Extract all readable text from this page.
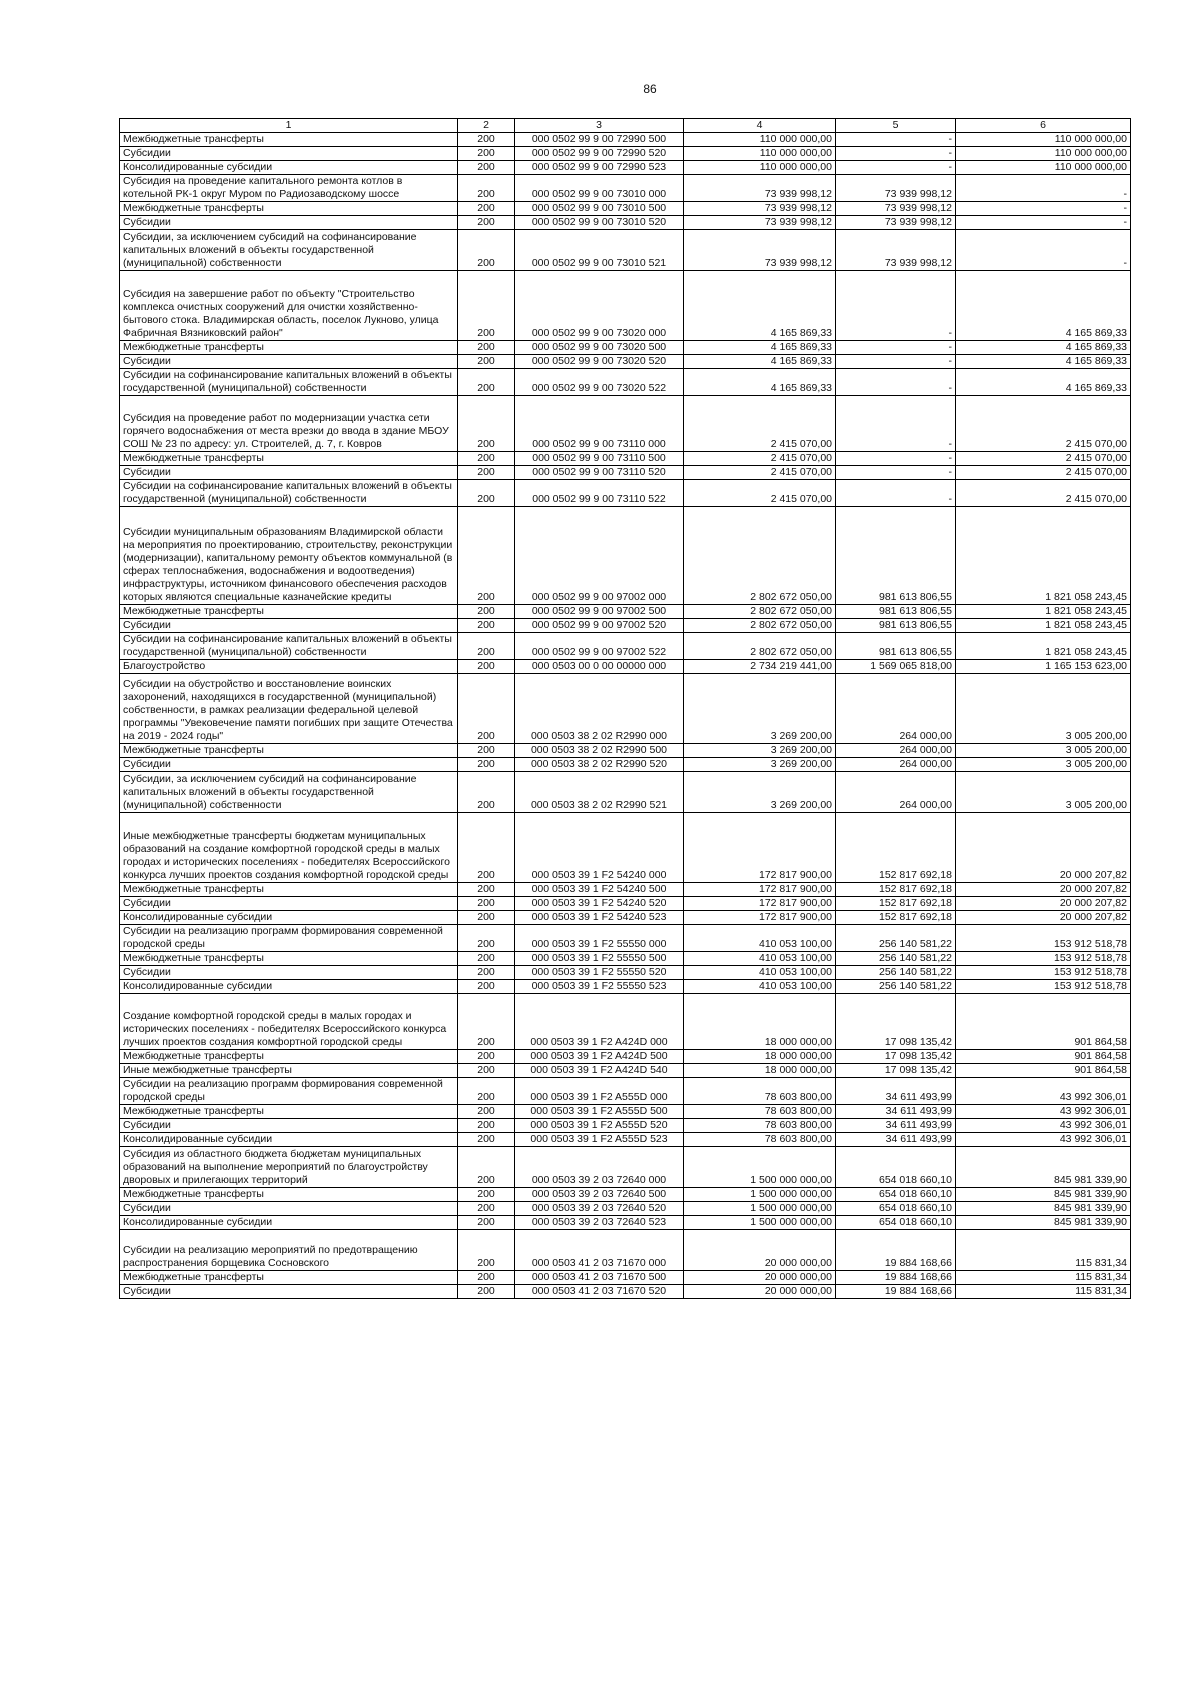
86
1	2	3	4	5	6
Межбюджетные трансферты	200	000 0502 99 9 00 72990 500	110 000 000,00	-	110 000 000,00
Субсидии	200	000 0502 99 9 00 72990 520	110 000 000,00	-	110 000 000,00
Консолидированные субсидии	200	000 0502 99 9 00 72990 523	110 000 000,00	-	110 000 000,00
Субсидия на проведение капитального ремонта котлов в котельной РК-1 округ Муром по Радиозаводскому шоссе	200	000 0502 99 9 00 73010 000	73 939 998,12	73 939 998,12	-
Межбюджетные трансферты	200	000 0502 99 9 00 73010 500	73 939 998,12	73 939 998,12	-
Субсидии	200	000 0502 99 9 00 73010 520	73 939 998,12	73 939 998,12	-
Субсидии, за исключением субсидий на софинансирование капитальных вложений в объекты государственной (муниципальной) собственности	200	000 0502 99 9 00 73010 521	73 939 998,12	73 939 998,12	-
Субсидия на завершение работ по объекту "Строительство комплекса очистных сооружений для очистки хозяйственно-бытового стока. Владимирская область, поселок Лукново, улица Фабричная Вязниковский район"	200	000 0502 99 9 00 73020 000	4 165 869,33	-	4 165 869,33
Межбюджетные трансферты	200	000 0502 99 9 00 73020 500	4 165 869,33	-	4 165 869,33
Субсидии	200	000 0502 99 9 00 73020 520	4 165 869,33	-	4 165 869,33
Субсидии на софинансирование капитальных вложений в объекты государственной (муниципальной) собственности	200	000 0502 99 9 00 73020 522	4 165 869,33	-	4 165 869,33
Субсидия на проведение работ по модернизации участка сети горячего водоснабжения от места врезки до ввода в здание МБОУ СОШ № 23 по адресу: ул. Строителей, д. 7, г. Ковров	200	000 0502 99 9 00 73110 000	2 415 070,00	-	2 415 070,00
Межбюджетные трансферты	200	000 0502 99 9 00 73110 500	2 415 070,00	-	2 415 070,00
Субсидии	200	000 0502 99 9 00 73110 520	2 415 070,00	-	2 415 070,00
Субсидии на софинансирование капитальных вложений в объекты государственной (муниципальной) собственности	200	000 0502 99 9 00 73110 522	2 415 070,00	-	2 415 070,00
Субсидии муниципальным образованиям Владимирской области на мероприятия по проектированию, строительству, реконструкции (модернизации), капитальному ремонту объектов коммунальной (в сферах теплоснабжения, водоснабжения и водоотведения) инфраструктуры, источником финансового обеспечения расходов которых являются специальные казначейские кредиты	200	000 0502 99 9 00 97002 000	2 802 672 050,00	981 613 806,55	1 821 058 243,45
Межбюджетные трансферты	200	000 0502 99 9 00 97002 500	2 802 672 050,00	981 613 806,55	1 821 058 243,45
Субсидии	200	000 0502 99 9 00 97002 520	2 802 672 050,00	981 613 806,55	1 821 058 243,45
Субсидии на софинансирование капитальных вложений в объекты государственной (муниципальной) собственности	200	000 0502 99 9 00 97002 522	2 802 672 050,00	981 613 806,55	1 821 058 243,45
Благоустройство	200	000 0503 00 0 00 00000 000	2 734 219 441,00	1 569 065 818,00	1 165 153 623,00
Субсидии на обустройство и восстановление воинских захоронений, находящихся в государственной (муниципальной) собственности, в рамках реализации федеральной целевой программы "Увековечение памяти погибших при защите Отечества на 2019 - 2024 годы"	200	000 0503 38 2 02 R2990 000	3 269 200,00	264 000,00	3 005 200,00
Межбюджетные трансферты	200	000 0503 38 2 02 R2990 500	3 269 200,00	264 000,00	3 005 200,00
Субсидии	200	000 0503 38 2 02 R2990 520	3 269 200,00	264 000,00	3 005 200,00
Субсидии, за исключением субсидий на софинансирование капитальных вложений в объекты государственной (муниципальной) собственности	200	000 0503 38 2 02 R2990 521	3 269 200,00	264 000,00	3 005 200,00
Иные межбюджетные трансферты бюджетам муниципальных образований на создание комфортной городской среды в малых городах и исторических поселениях - победителях Всероссийского конкурса лучших проектов создания комфортной городской среды	200	000 0503 39 1 F2 54240 000	172 817 900,00	152 817 692,18	20 000 207,82
Межбюджетные трансферты	200	000 0503 39 1 F2 54240 500	172 817 900,00	152 817 692,18	20 000 207,82
Субсидии	200	000 0503 39 1 F2 54240 520	172 817 900,00	152 817 692,18	20 000 207,82
Консолидированные субсидии	200	000 0503 39 1 F2 54240 523	172 817 900,00	152 817 692,18	20 000 207,82
Субсидии на реализацию программ формирования современной городской среды	200	000 0503 39 1 F2 55550 000	410 053 100,00	256 140 581,22	153 912 518,78
Межбюджетные трансферты	200	000 0503 39 1 F2 55550 500	410 053 100,00	256 140 581,22	153 912 518,78
Субсидии	200	000 0503 39 1 F2 55550 520	410 053 100,00	256 140 581,22	153 912 518,78
Консолидированные субсидии	200	000 0503 39 1 F2 55550 523	410 053 100,00	256 140 581,22	153 912 518,78
Создание комфортной городской среды в малых городах и исторических поселениях - победителях Всероссийского конкурса лучших проектов создания комфортной городской среды	200	000 0503 39 1 F2 A424D 000	18 000 000,00	17 098 135,42	901 864,58
Межбюджетные трансферты	200	000 0503 39 1 F2 A424D 500	18 000 000,00	17 098 135,42	901 864,58
Иные межбюджетные трансферты	200	000 0503 39 1 F2 A424D 540	18 000 000,00	17 098 135,42	901 864,58
Субсидии на реализацию программ формирования современной городской среды	200	000 0503 39 1 F2 A555D 000	78 603 800,00	34 611 493,99	43 992 306,01
Межбюджетные трансферты	200	000 0503 39 1 F2 A555D 500	78 603 800,00	34 611 493,99	43 992 306,01
Субсидии	200	000 0503 39 1 F2 A555D 520	78 603 800,00	34 611 493,99	43 992 306,01
Консолидированные субсидии	200	000 0503 39 1 F2 A555D 523	78 603 800,00	34 611 493,99	43 992 306,01
Субсидия из областного бюджета бюджетам муниципальных образований на выполнение мероприятий по благоустройству дворовых и прилегающих территорий	200	000 0503 39 2 03 72640 000	1 500 000 000,00	654 018 660,10	845 981 339,90
Межбюджетные трансферты	200	000 0503 39 2 03 72640 500	1 500 000 000,00	654 018 660,10	845 981 339,90
Субсидии	200	000 0503 39 2 03 72640 520	1 500 000 000,00	654 018 660,10	845 981 339,90
Консолидированные субсидии	200	000 0503 39 2 03 72640 523	1 500 000 000,00	654 018 660,10	845 981 339,90
Субсидии на реализацию мероприятий по предотвращению распространения борщевика Сосновского	200	000 0503 41 2 03 71670 000	20 000 000,00	19 884 168,66	115 831,34
Межбюджетные трансферты	200	000 0503 41 2 03 71670 500	20 000 000,00	19 884 168,66	115 831,34
Субсидии	200	000 0503 41 2 03 71670 520	20 000 000,00	19 884 168,66	115 831,34
